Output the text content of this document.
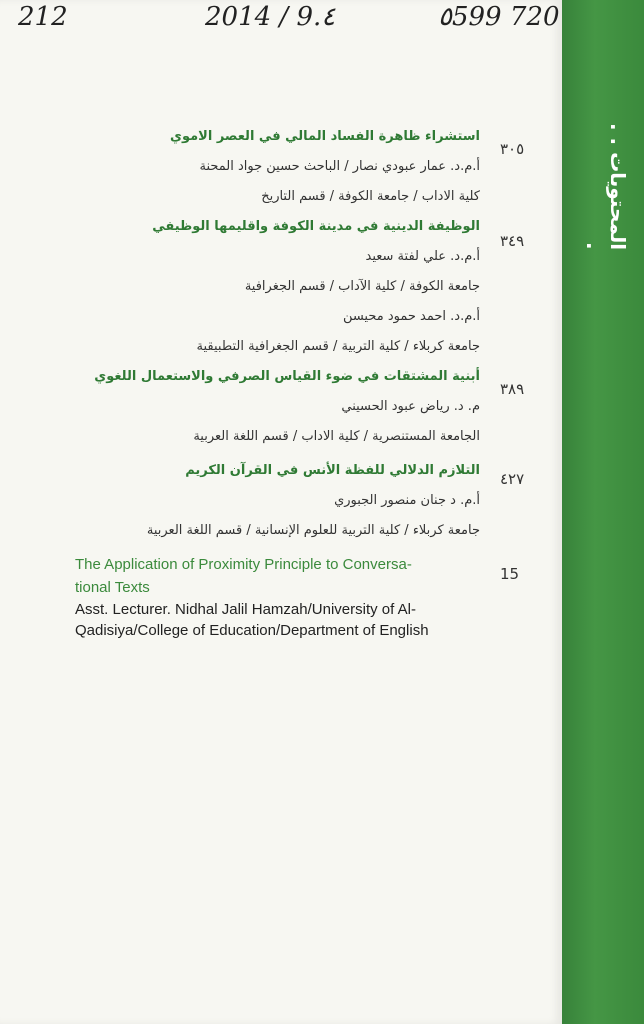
212	2014 / 9.٤	٥599 720
٣٠٥
استشراء ظاهرة الفساد المالي في العصر الاموي
أ.م.د. عمار عبودي نصار / الباحث حسين جواد المحنة
كلية الاداب / جامعة الكوفة / قسم التاريخ
٣٤٩
الوظيفة الدينية في مدينة الكوفة واقليمها الوظيفي
أ.م.د. علي لفتة سعيد
جامعة الكوفة / كلية الآداب / قسم الجغرافية
أ.م.د. احمد حمود محيسن
جامعة كربلاء / كلية التربية / قسم الجغرافية التطبيقية
٣٨٩
أبنية المشتقات في ضوء القياس الصرفي والاستعمال اللغوي
م. د. رياض عبود الحسيني
الجامعة المستنصرية / كلية الاداب / قسم اللغة العربية
٤٢٧
التلازم الدلالي للفظة الأنس في القرآن الكريم
أ.م. د جنان منصور الجبوري
جامعة كربلاء / كلية التربية للعلوم الإنسانية / قسم اللغة العربية
15
The Application of Proximity Principle to Conversa-
tional Texts
Asst. Lecturer. Nidhal Jalil Hamzah/University of Al-
Qadisiya/College of Education/Department of English
المحتويات . . .
